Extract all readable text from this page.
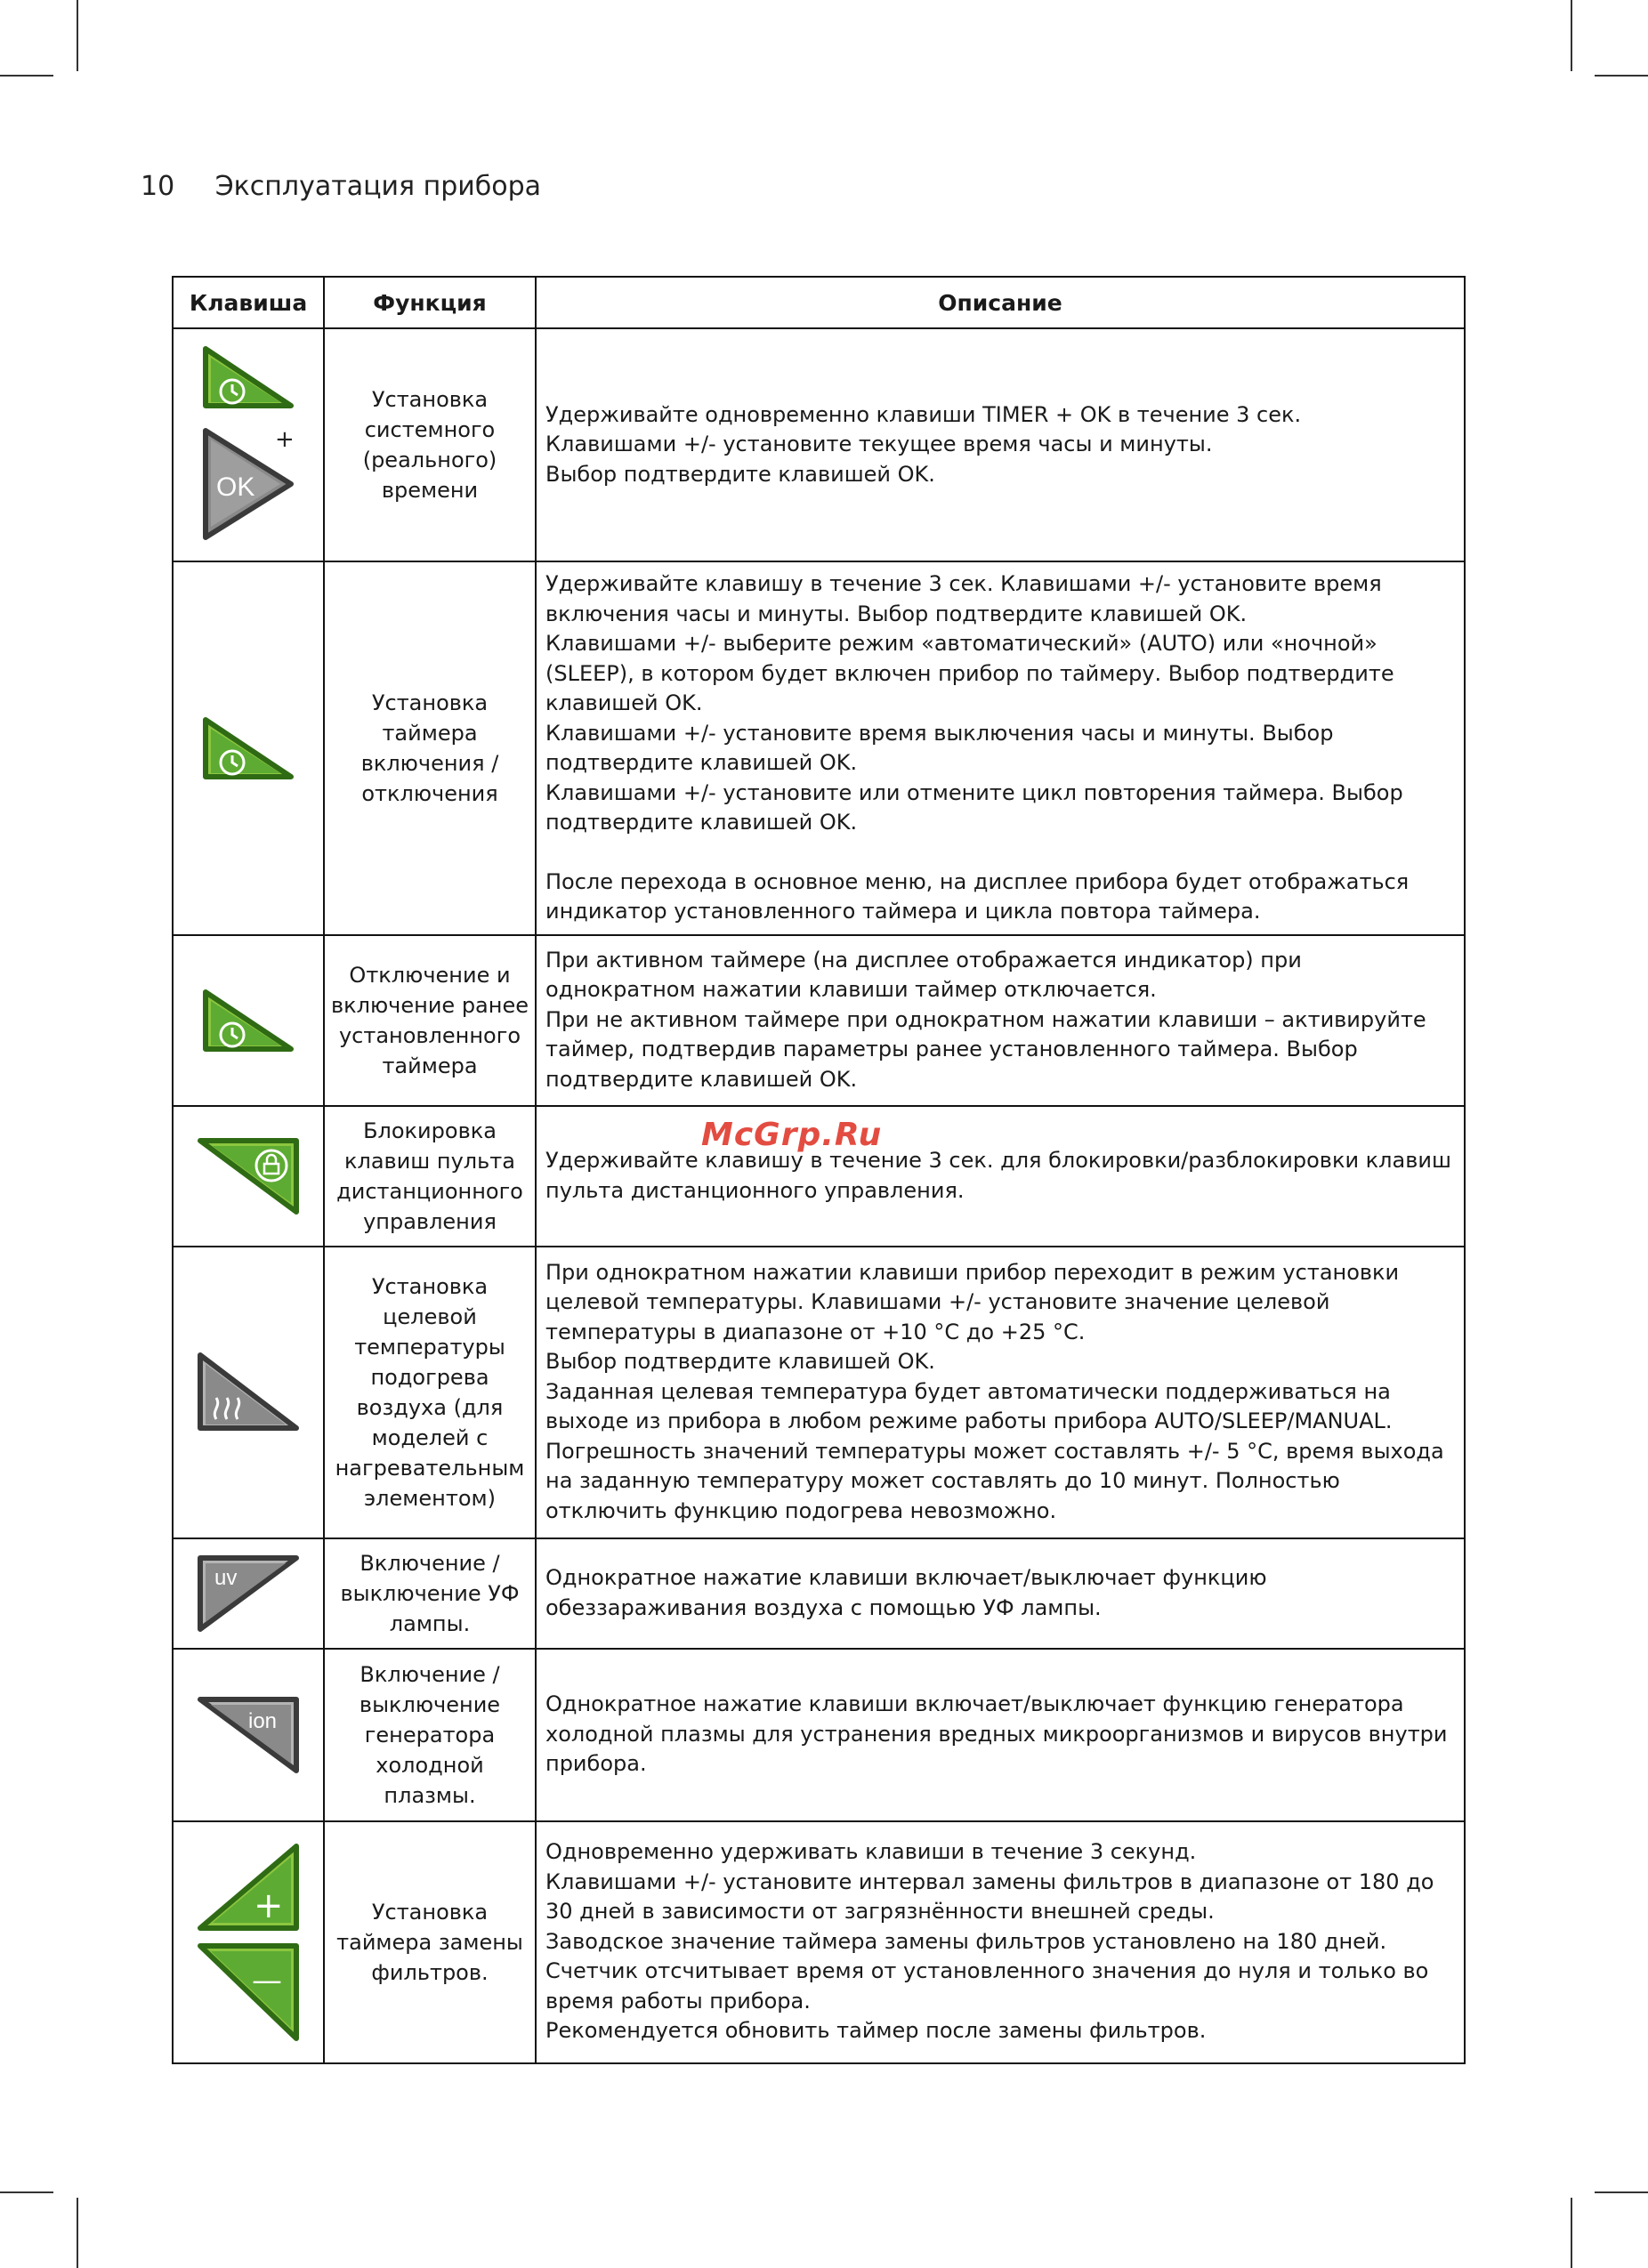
10 Эксплуатация прибора
Клавиша	Функция	Описание

+
OK	Установка системного (реального) времени	Удерживайте одновременно клавиши TIMER + OK в течение 3 сек.
Клавишами +/- установите текущее время часы и минуты.
Выбор подтвердите клавишей OK.

	Установка таймера включения / отключения	Удерживайте клавишу в течение 3 сек. Клавишами +/- установите время включения часы и минуты. Выбор подтвердите клавишей OK.
Клавишами +/- выберите режим «автоматический» (AUTO) или «ночной» (SLEEP), в котором будет включен прибор по таймеру. Выбор подтвердите клавишей OK.
Клавишами +/- установите время выключения часы и минуты. Выбор подтвердите клавишей OK.
Клавишами +/- установите или отмените цикл повторения таймера. Выбор подтвердите клавишей OK.
После перехода в основное меню, на дисплее прибора будет отображаться индикатор установленного таймера и цикла повтора таймера.

	Отключение и включение ранее установленного таймера	При активном таймере (на дисплее отображается индикатор) при однократном нажатии клавиши таймер отключается.
При не активном таймере при однократном нажатии клавиши – активируйте таймер, подтвердив параметры ранее установленного таймера. Выбор подтвердите клавишей OK.

	Блокировка клавиш пульта дистанционного управления	Удерживайте клавишу в течение 3 сек. для блокировки/разблокировки клавиш пульта дистанционного управления.

	Установка целевой температуры подогрева воздуха (для моделей с нагревательным элементом)	При однократном нажатии клавиши прибор переходит в режим установки целевой температуры. Клавишами +/- установите значение целевой температуры в диапазоне от +10 °C до +25 °C.
Выбор подтвердите клавишей OK.
Заданная целевая температура будет автоматически поддерживаться на выходе из прибора в любом режиме работы прибора AUTO/SLEEP/MANUAL.
Погрешность значений температуры может составлять +/- 5 °C, время выхода на заданную температуру может составлять до 10 минут. Полностью отключить функцию подогрева невозможно.

uv	Включение / выключение УФ лампы.	Однократное нажатие клавиши включает/выключает функцию обеззараживания воздуха с помощью УФ лампы.

ion	Включение / выключение генератора холодной плазмы.	Однократное нажатие клавиши включает/выключает функцию генератора холодной плазмы для устранения вредных микроорганизмов и вирусов внутри прибора.

+
—	Установка таймера замены фильтров.	Одновременно удерживать клавиши в течение 3 секунд.
Клавишами +/- установите интервал замены фильтров в диапазоне от 180 до 30 дней в зависимости от загрязнённости внешней среды.
Заводское значение таймера замены фильтров установлено на 180 дней. Счетчик отсчитывает время от установленного значения до нуля и только во время работы прибора.
Рекомендуется обновить таймер после замены фильтров.
McGrp.Ru
